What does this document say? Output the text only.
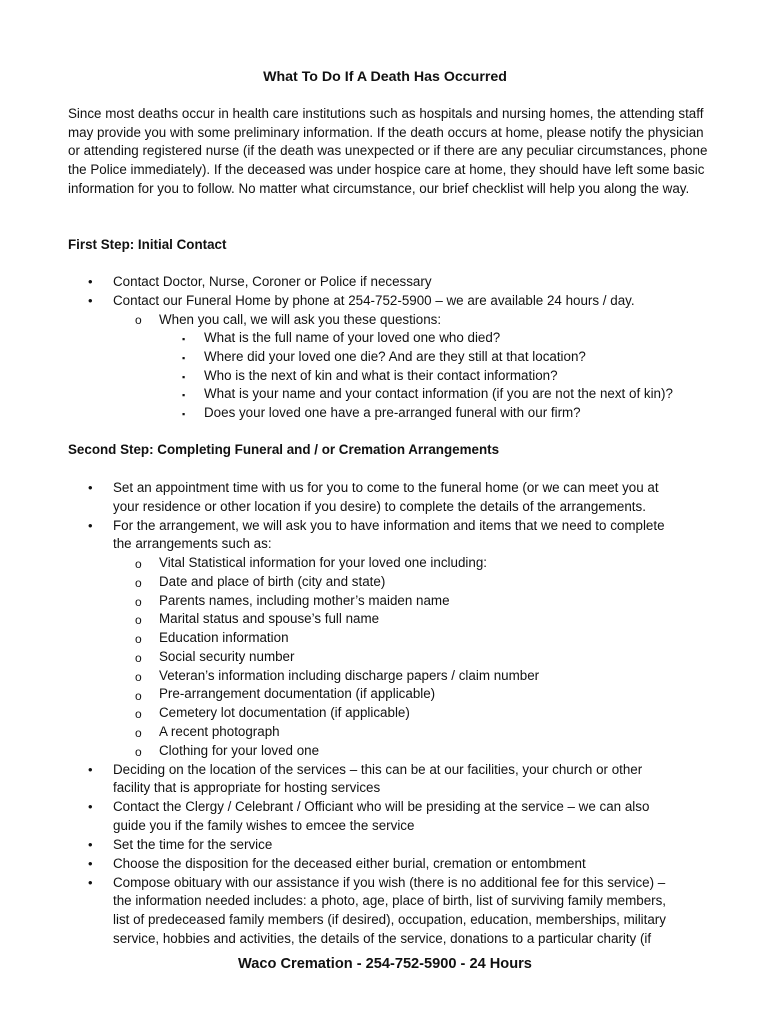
What To Do If A Death Has Occurred

Since most deaths occur in health care institutions such as hospitals and nursing homes, the attending staff may provide you with some preliminary information. If the death occurs at home, please notify the physician or attending registered nurse (if the death was unexpected or if there are any peculiar circumstances, phone the Police immediately). If the deceased was under hospice care at home, they should have left some basic information for you to follow. No matter what circumstance, our brief checklist will help you along the way.

First Step: Initial Contact
• Contact Doctor, Nurse, Coroner or Police if necessary
• Contact our Funeral Home by phone at 254-752-5900 – we are available 24 hours / day.
o When you call, we will ask you these questions:
▪ What is the full name of your loved one who died?
▪ Where did your loved one die? And are they still at that location?
▪ Who is the next of kin and what is their contact information?
▪ What is your name and your contact information (if you are not the next of kin)?
▪ Does your loved one have a pre-arranged funeral with our firm?
Second Step: Completing Funeral and / or Cremation Arrangements
• Set an appointment time with us for you to come to the funeral home (or we can meet you at
your residence or other location if you desire) to complete the details of the arrangements.
• For the arrangement, we will ask you to have information and items that we need to complete
the arrangements such as:
o Vital Statistical information for your loved one including:
o Date and place of birth (city and state)
o Parents names, including mother’s maiden name
o Marital status and spouse’s full name
o Education information
o Social security number
o Veteran’s information including discharge papers / claim number
o Pre-arrangement documentation (if applicable)
o Cemetery lot documentation (if applicable)
o A recent photograph
o Clothing for your loved one
• Deciding on the location of the services – this can be at our facilities, your church or other
facility that is appropriate for hosting services
• Contact the Clergy / Celebrant / Officiant who will be presiding at the service – we can also
guide you if the family wishes to emcee the service
• Set the time for the service
• Choose the disposition for the deceased either burial, cremation or entombment
• Compose obituary with our assistance if you wish (there is no additional fee for this service) –
the information needed includes: a photo, age, place of birth, list of surviving family members,
list of predeceased family members (if desired), occupation, education, memberships, military
service, hobbies and activities, the details of the service, donations to a particular charity (if
Waco Cremation - 254-752-5900 - 24 Hours
